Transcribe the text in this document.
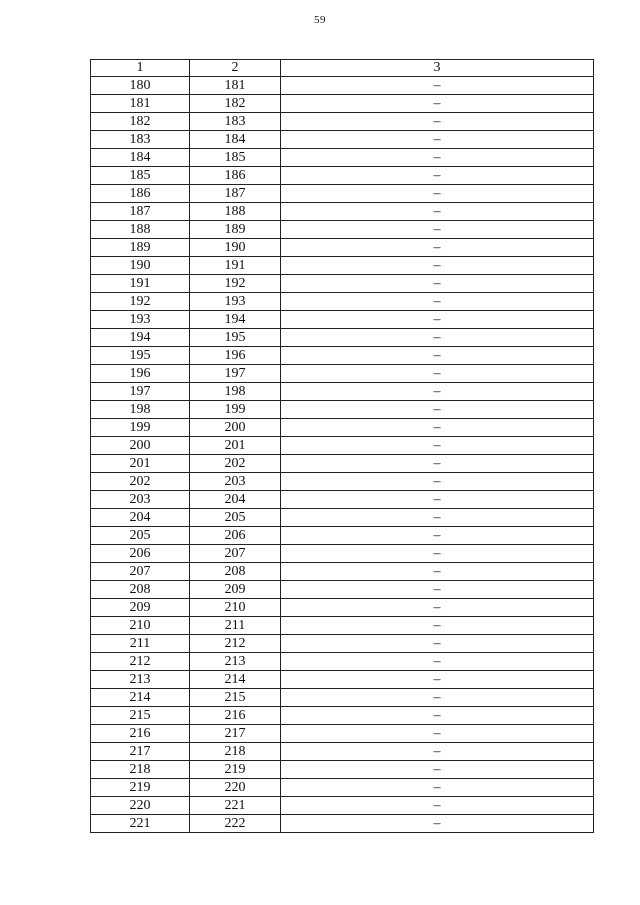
59
1	2	3
180	181	–
181	182	–
182	183	–
183	184	–
184	185	–
185	186	–
186	187	–
187	188	–
188	189	–
189	190	–
190	191	–
191	192	–
192	193	–
193	194	–
194	195	–
195	196	–
196	197	–
197	198	–
198	199	–
199	200	–
200	201	–
201	202	–
202	203	–
203	204	–
204	205	–
205	206	–
206	207	–
207	208	–
208	209	–
209	210	–
210	211	–
211	212	–
212	213	–
213	214	–
214	215	–
215	216	–
216	217	–
217	218	–
218	219	–
219	220	–
220	221	–
221	222	–
